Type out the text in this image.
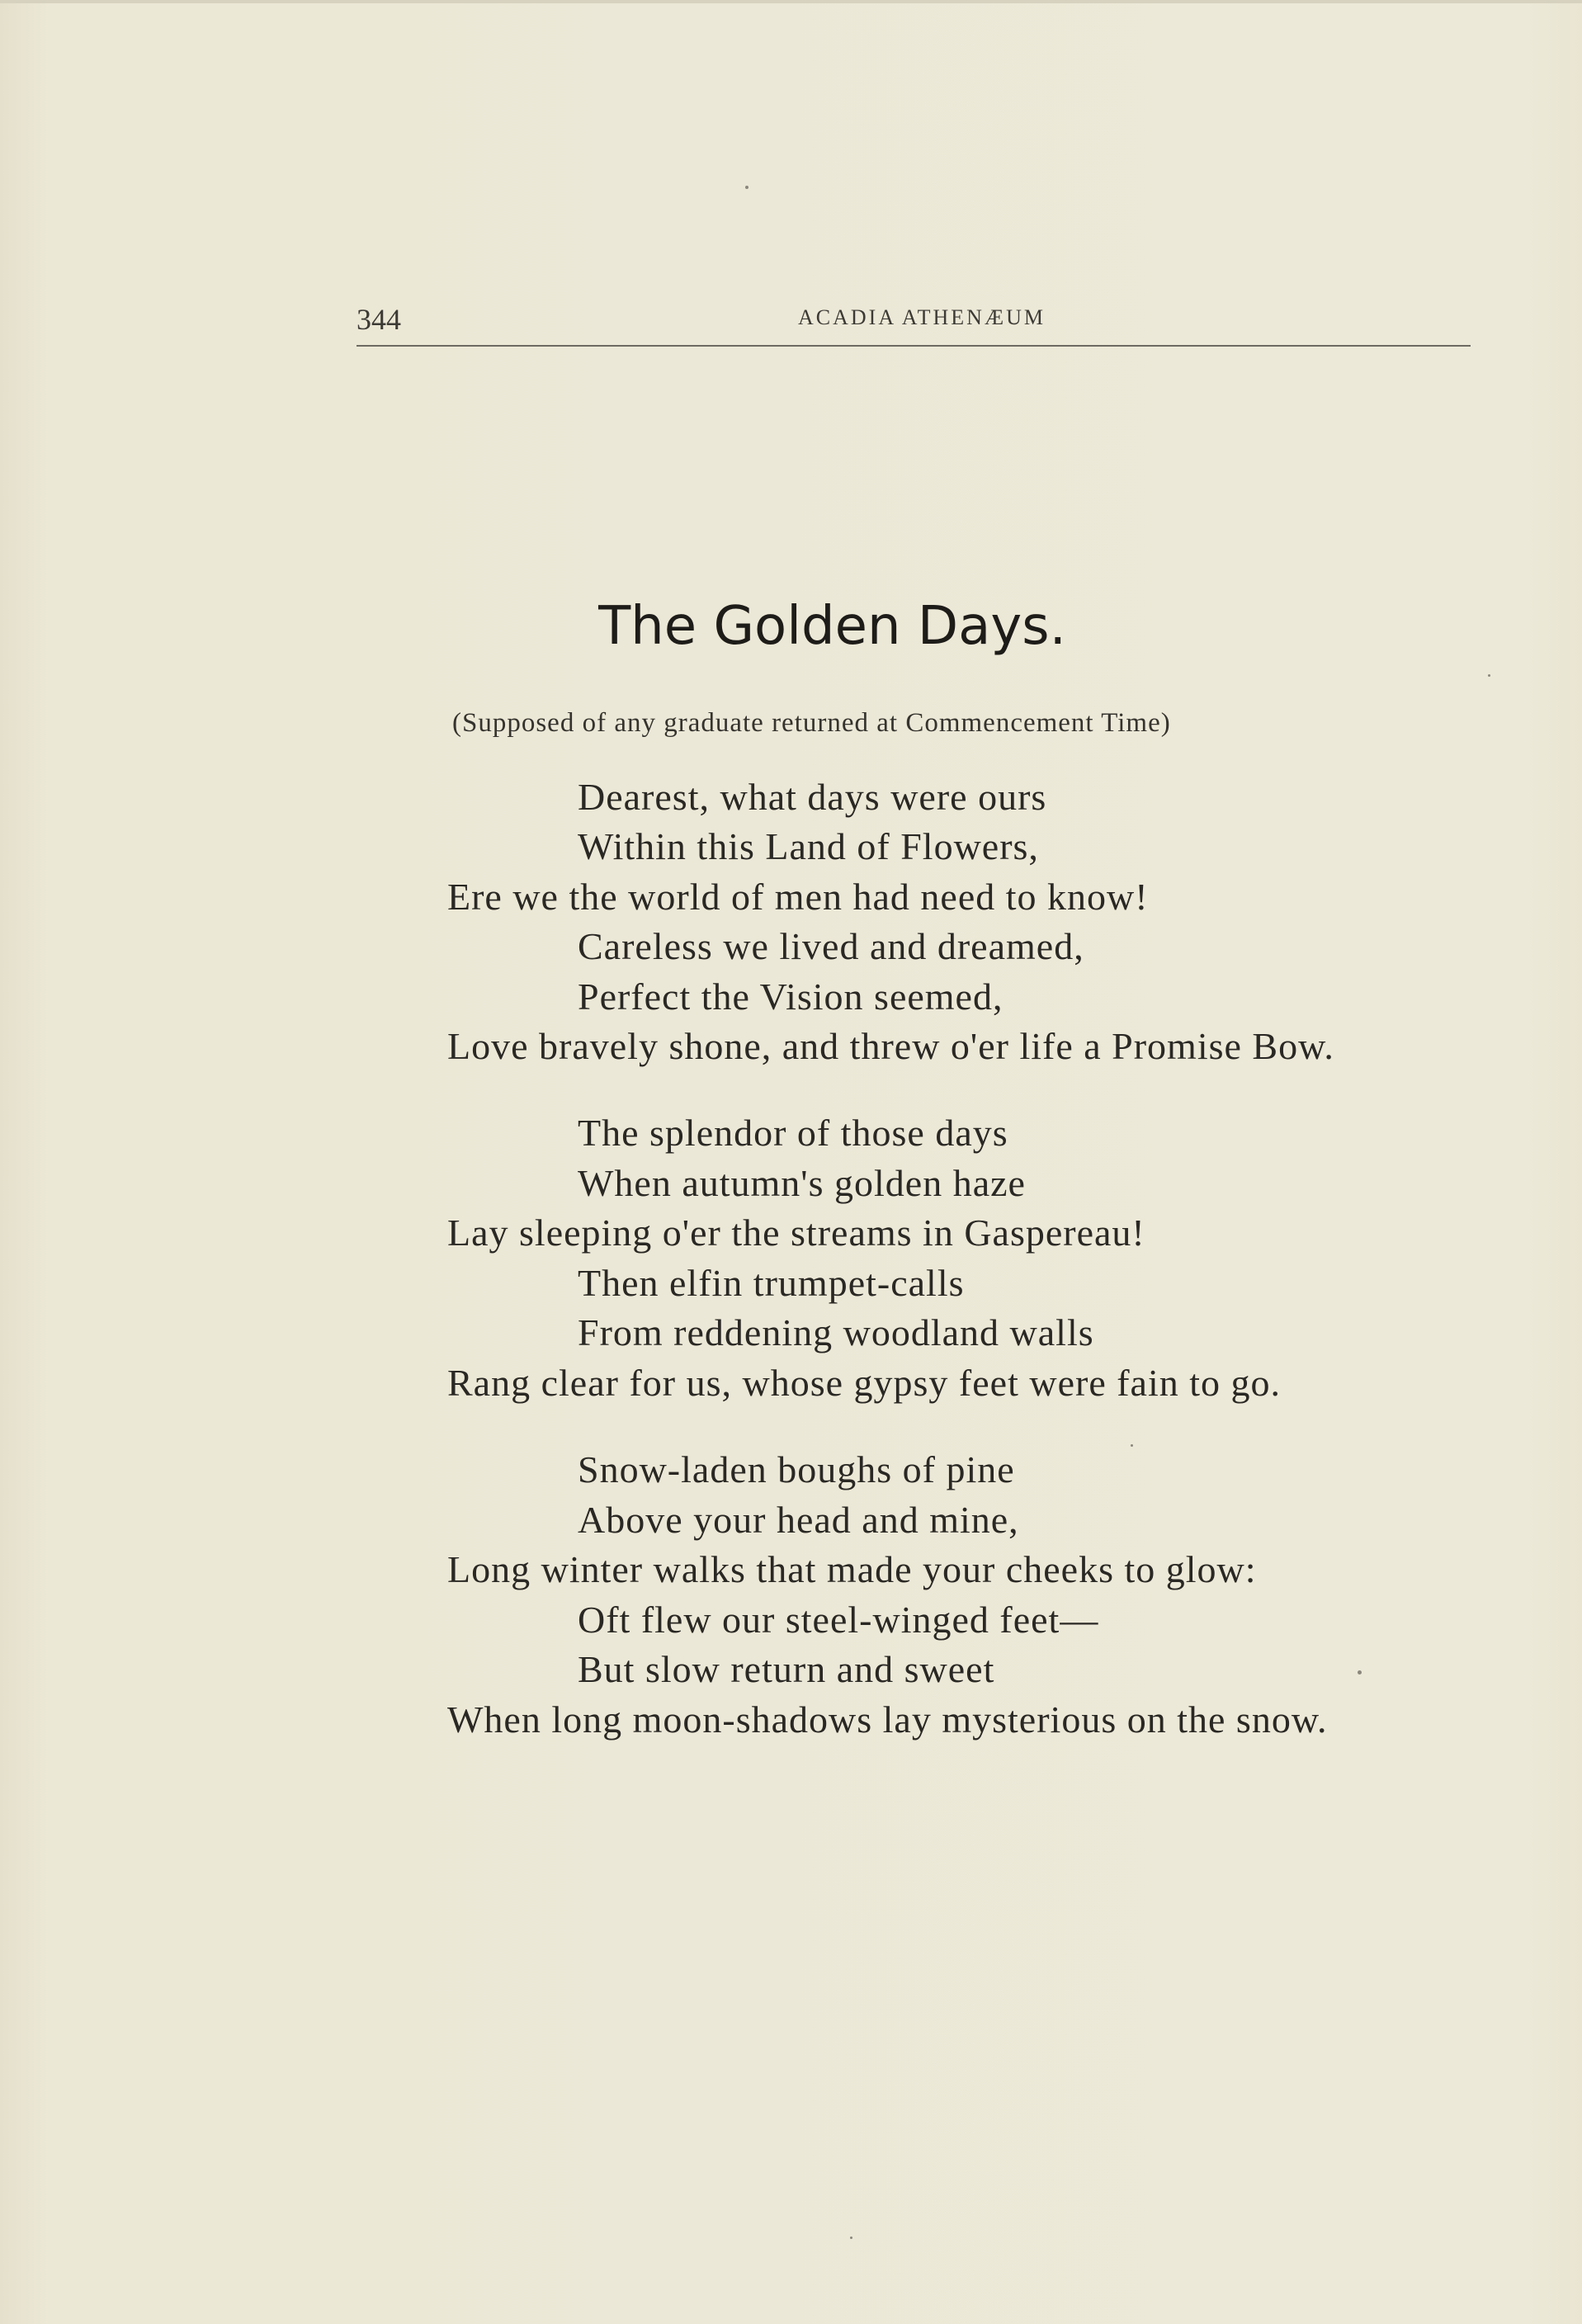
344	ACADIA ATHENÆUM
The Golden Days.
(Supposed of any graduate returned at Commencement Time)
Dearest, what days were ours
Within this Land of Flowers,
Ere we the world of men had need to know!
Careless we lived and dreamed,
Perfect the Vision seemed,
Love bravely shone, and threw o'er life a Promise Bow.
The splendor of those days
When autumn's golden haze
Lay sleeping o'er the streams in Gaspereau!
Then elfin trumpet-calls
From reddening woodland walls
Rang clear for us, whose gypsy feet were fain to go.
Snow-laden boughs of pine
Above your head and mine,
Long winter walks that made your cheeks to glow:
Oft flew our steel-winged feet—
But slow return and sweet
When long moon-shadows lay mysterious on the snow.
